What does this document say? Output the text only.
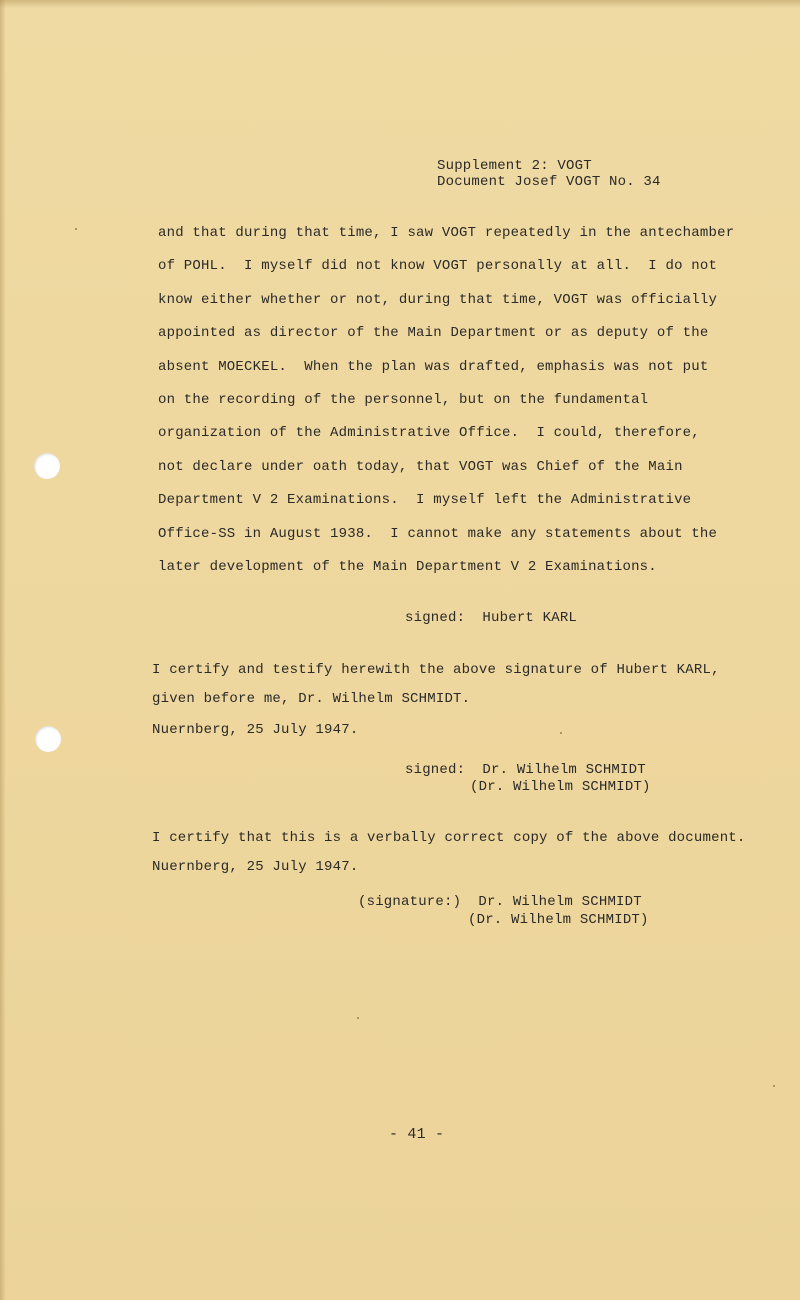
Supplement 2: VOGT
Document Josef VOGT No. 34
and that during that time, I saw VOGT repeatedly in the antechamber
of POHL.  I myself did not know VOGT personally at all.  I do not
know either whether or not, during that time, VOGT was officially
appointed as director of the Main Department or as deputy of the
absent MOECKEL.  When the plan was drafted, emphasis was not put
on the recording of the personnel, but on the fundamental
organization of the Administrative Office.  I could, therefore,
not declare under oath today, that VOGT was Chief of the Main
Department V 2 Examinations.  I myself left the Administrative
Office-SS in August 1938.  I cannot make any statements about the
later development of the Main Department V 2 Examinations.
signed:  Hubert KARL
I certify and testify herewith the above signature of Hubert KARL,
given before me, Dr. Wilhelm SCHMIDT.
Nuernberg, 25 July 1947.
signed:  Dr. Wilhelm SCHMIDT
(Dr. Wilhelm SCHMIDT)
I certify that this is a verbally correct copy of the above document.
Nuernberg, 25 July 1947.
(signature:)  Dr. Wilhelm SCHMIDT
(Dr. Wilhelm SCHMIDT)
- 41 -
